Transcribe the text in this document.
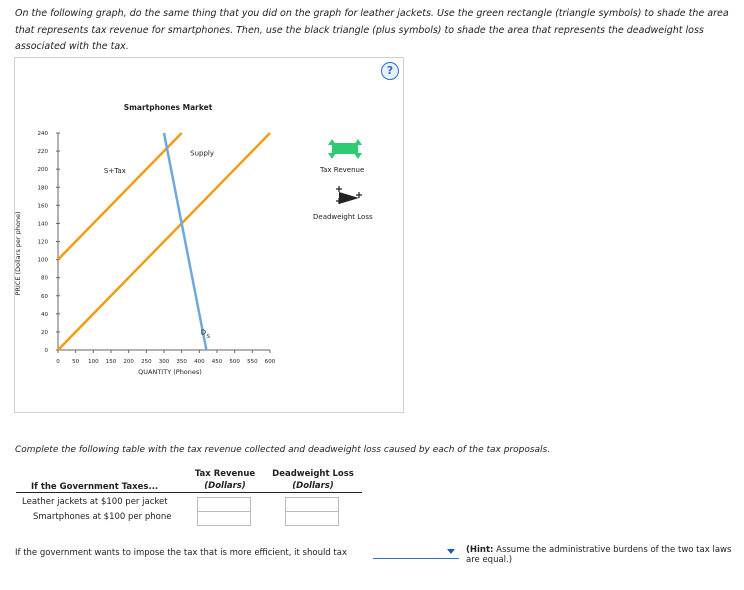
On the following graph, do the same thing that you did on the graph for leather jackets. Use the green rectangle (triangle symbols) to shade the area that represents tax revenue for smartphones. Then, use the black triangle (plus symbols) to shade the area that represents the deadweight loss associated with the tax.
?
Smartphones Market
0 50 100 150 200 250 300 350 400 450 500 550 600
0
20
40
60
80
100
120
140
160
180
200
220
240
QUANTITY (Phones)
PRICE (Dollars per phone)
Supply
S+Tax
D
S
Tax Revenue
Deadweight Loss
Complete the following table with the tax revenue collected and deadweight loss caused by each of the tax proposals.
Tax Revenue
(Dollars)
Deadweight Loss
(Dollars)
If the Government Taxes...
Leather jackets at $100 per jacket
Smartphones at $100 per phone
If the government wants to impose the tax that is more efficient, it should tax	(Hint: Assume the administrative burdens of the two tax laws are equal.)
